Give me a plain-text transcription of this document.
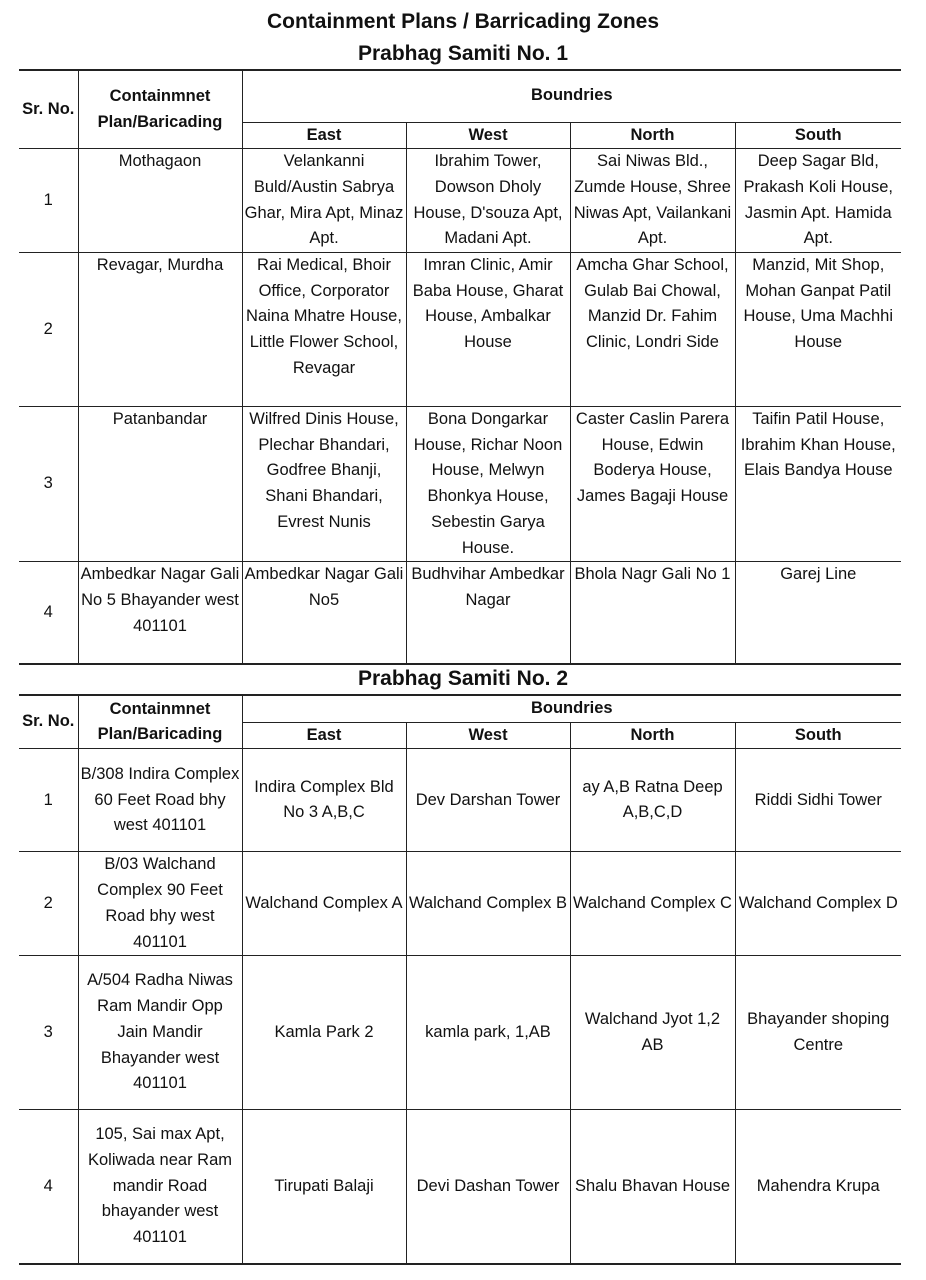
Containment Plans / Barricading Zones
Prabhag Samiti No. 1
Sr. No.	Containmnet Plan/Baricading	Boundries			
		East	West	North	South
1	Mothagaon	Velankanni Buld/Austin Sabrya Ghar, Mira Apt, Minaz Apt.	Ibrahim Tower, Dowson Dholy House, D'souza Apt, Madani Apt.	Sai Niwas Bld., Zumde House, Shree Niwas Apt, Vailankani Apt.	Deep Sagar Bld, Prakash Koli House, Jasmin Apt. Hamida Apt.
2	Revagar, Murdha	Rai Medical, Bhoir Office, Corporator Naina Mhatre House, Little Flower School, Revagar	Imran Clinic, Amir Baba House, Gharat House, Ambalkar House	Amcha Ghar School, Gulab Bai Chowal, Manzid Dr. Fahim Clinic, Londri Side	Manzid, Mit Shop, Mohan Ganpat Patil House, Uma Machhi House
3	Patanbandar	Wilfred Dinis House, Plechar Bhandari, Godfree Bhanji, Shani Bhandari, Evrest Nunis	Bona Dongarkar House, Richar Noon House, Melwyn Bhonkya House, Sebestin Garya House.	Caster Caslin Parera House, Edwin Boderya House, James Bagaji House	Taifin Patil House, Ibrahim Khan House, Elais Bandya House
4	Ambedkar Nagar Gali No 5 Bhayander west 401101	Ambedkar Nagar Gali No5	Budhvihar Ambedkar Nagar	Bhola Nagr Gali No 1	Garej Line
Prabhag Samiti No. 2
Sr. No.	Containmnet Plan/Baricading	Boundries			
		East	West	North	South
1	B/308 Indira Complex 60 Feet Road bhy west 401101	Indira Complex Bld No 3 A,B,C	Dev Darshan Tower	ay A,B Ratna Deep A,B,C,D	Riddi Sidhi Tower
2	B/03 Walchand Complex 90 Feet Road bhy west 401101	Walchand Complex A	Walchand Complex B	Walchand Complex C	Walchand Complex D
3	A/504 Radha Niwas Ram Mandir Opp Jain Mandir Bhayander west 401101	Kamla Park 2	kamla park, 1,AB	Walchand Jyot 1,2 AB	Bhayander shoping Centre
4	105, Sai max Apt, Koliwada near Ram mandir Road bhayander west 401101	Tirupati Balaji	Devi Dashan Tower	Shalu Bhavan House	Mahendra Krupa
